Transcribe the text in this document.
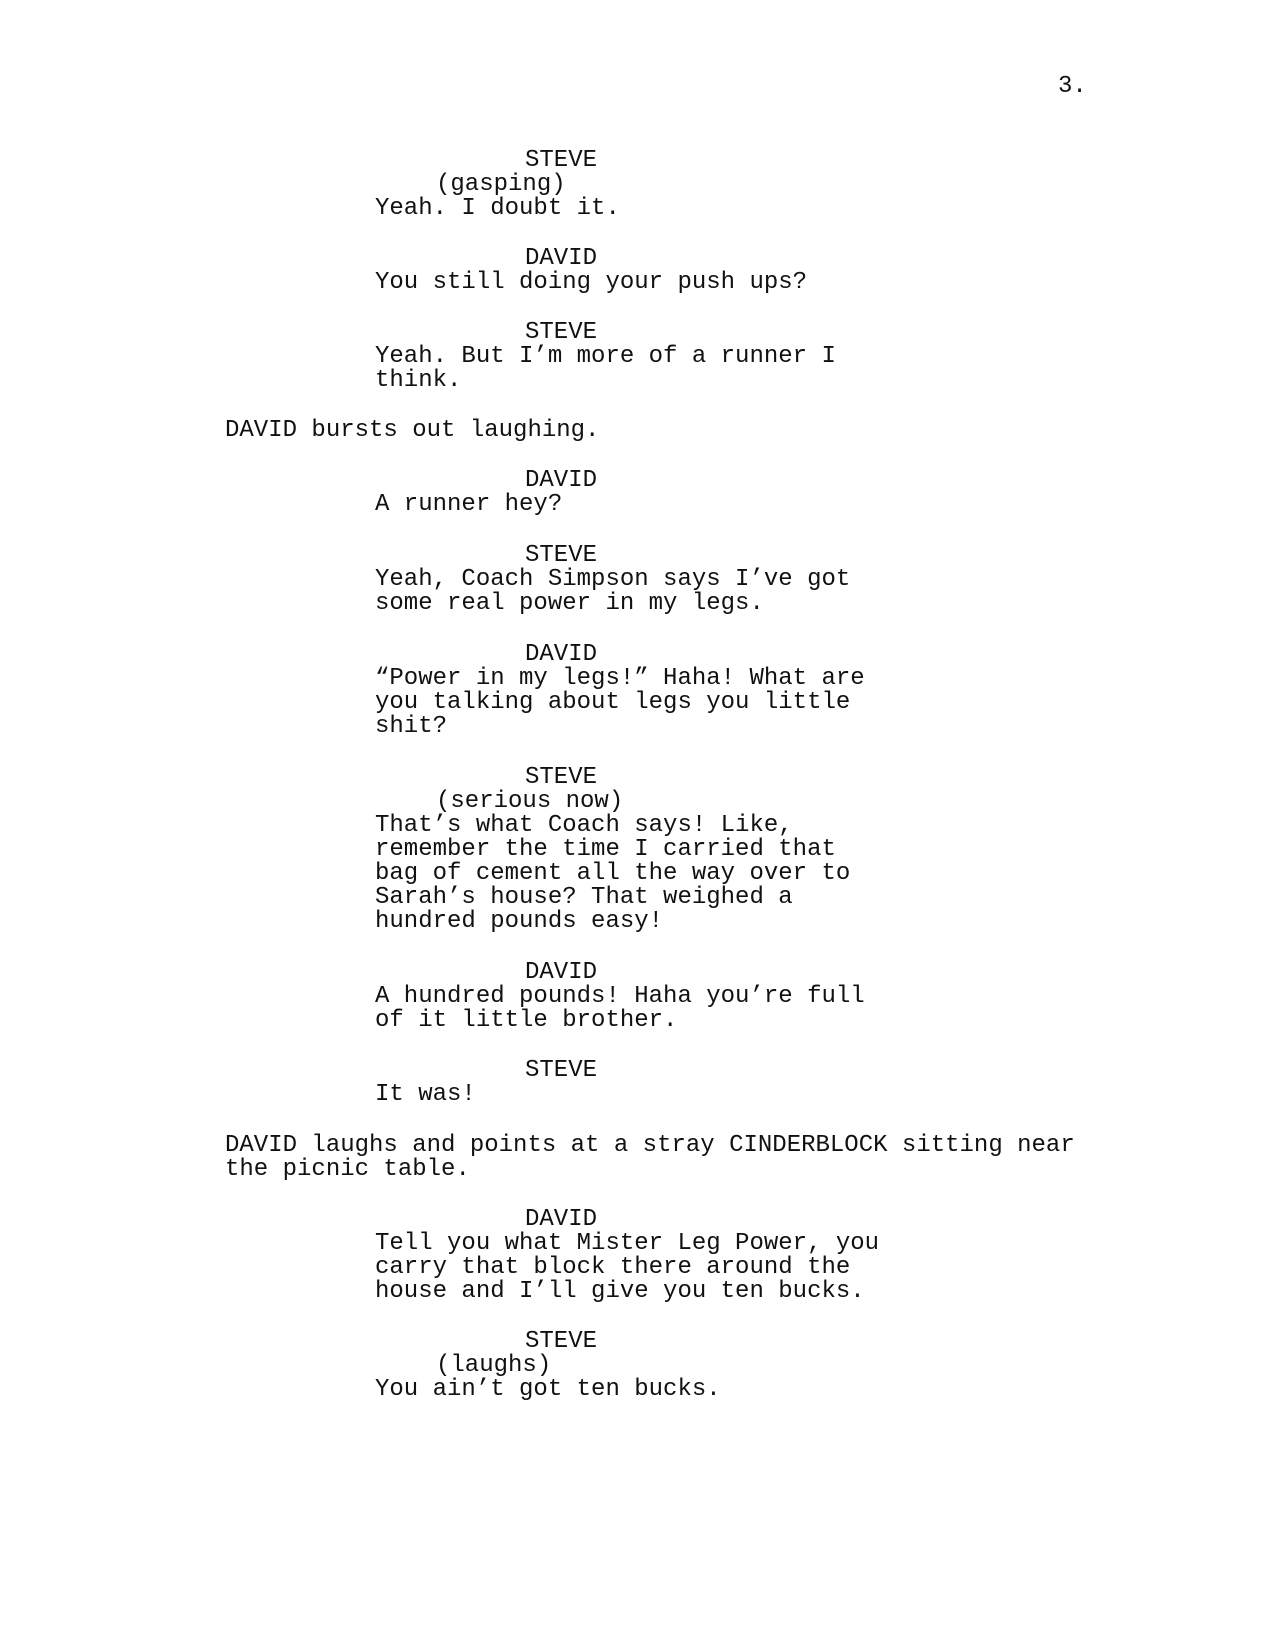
3.
STEVE
(gasping)
Yeah. I doubt it.
DAVID
You still doing your push ups?
STEVE
Yeah. But I’m more of a runner I
think.
DAVID bursts out laughing.
DAVID
A runner hey?
STEVE
Yeah, Coach Simpson says I’ve got
some real power in my legs.
DAVID
“Power in my legs!” Haha! What are
you talking about legs you little
shit?
STEVE
(serious now)
That’s what Coach says! Like,
remember the time I carried that
bag of cement all the way over to
Sarah’s house? That weighed a
hundred pounds easy!
DAVID
A hundred pounds! Haha you’re full
of it little brother.
STEVE
It was!
DAVID laughs and points at a stray CINDERBLOCK sitting near
the picnic table.
DAVID
Tell you what Mister Leg Power, you
carry that block there around the
house and I’ll give you ten bucks.
STEVE
(laughs)
You ain’t got ten bucks.
